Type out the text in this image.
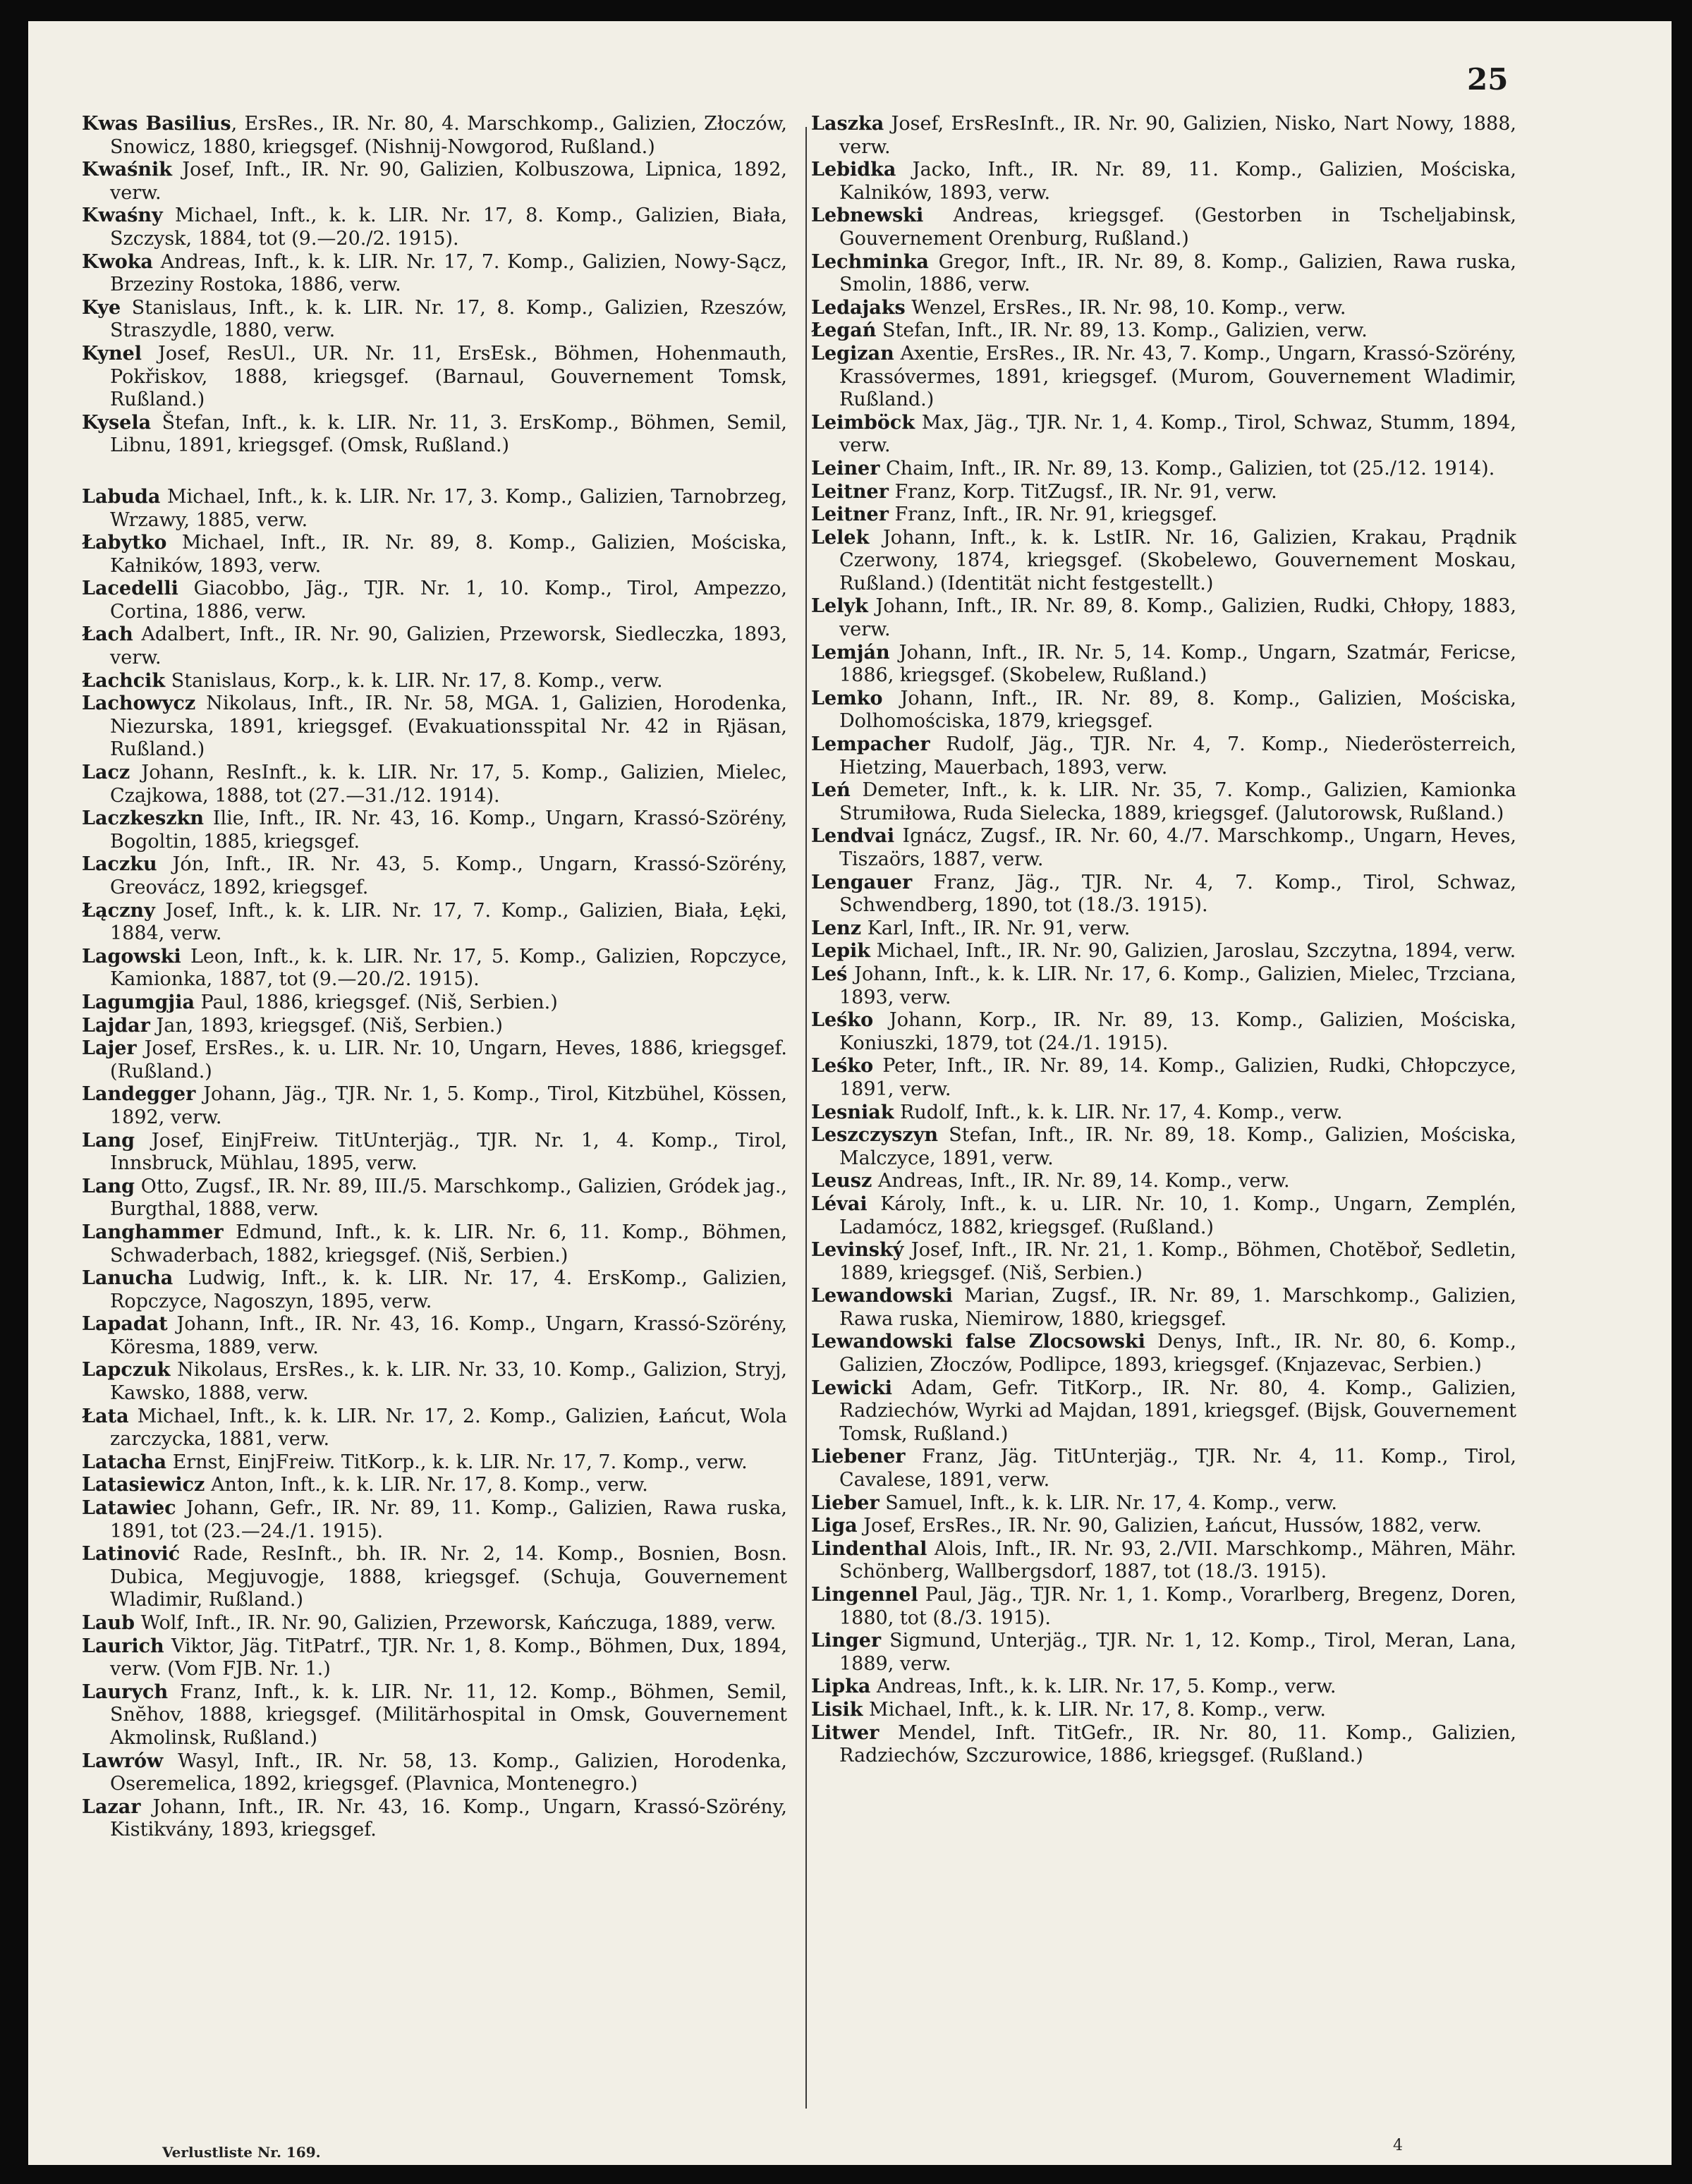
25

Kwas Basilius, ErsRes., IR. Nr. 80, 4. Marschkomp., Galizien, Złoczów, Snowicz, 1880, kriegsgef. (Nishnij-Nowgorod, Rußland.)

Kwaśnik Josef, Inft., IR. Nr. 90, Galizien, Kolbuszowa, Lipnica, 1892, verw.

Kwaśny Michael, Inft., k. k. LIR. Nr. 17, 8. Komp., Galizien, Biała, Szczysk, 1884, tot (9.—20./2. 1915).

Kwoka Andreas, Inft., k. k. LIR. Nr. 17, 7. Komp., Galizien, Nowy-Sącz, Brzeziny Rostoka, 1886, verw.

Kye Stanislaus, Inft., k. k. LIR. Nr. 17, 8. Komp., Galizien, Rzeszów, Straszydle, 1880, verw.

Kynel Josef, ResUl., UR. Nr. 11, ErsEsk., Böhmen, Hohenmauth, Pokřiskov, 1888, kriegsgef. (Barnaul, Gouvernement Tomsk, Rußland.)

Kysela Štefan, Inft., k. k. LIR. Nr. 11, 3. ErsKomp., Böhmen, Semil, Libnu, 1891, kriegsgef. (Omsk, Rußland.)

Labuda Michael, Inft., k. k. LIR. Nr. 17, 3. Komp., Galizien, Tarnobrzeg, Wrzawy, 1885, verw.

Łabytko Michael, Inft., IR. Nr. 89, 8. Komp., Galizien, Mościska, Kałników, 1893, verw.

Lacedelli Giacobbo, Jäg., TJR. Nr. 1, 10. Komp., Tirol, Ampezzo, Cortina, 1886, verw.

Łach Adalbert, Inft., IR. Nr. 90, Galizien, Przeworsk, Siedleczka, 1893, verw.

Łachcik Stanislaus, Korp., k. k. LIR. Nr. 17, 8. Komp., verw.

Lachowycz Nikolaus, Inft., IR. Nr. 58, MGA. 1, Galizien, Horodenka, Niezurska, 1891, kriegsgef. (Evakuationsspital Nr. 42 in Rjäsan, Rußland.)

Lacz Johann, ResInft., k. k. LIR. Nr. 17, 5. Komp., Galizien, Mielec, Czajkowa, 1888, tot (27.—31./12. 1914).

Laczkeszkn Ilie, Inft., IR. Nr. 43, 16. Komp., Ungarn, Krassó-Szörény, Bogoltin, 1885, kriegsgef.

Laczku Jón, Inft., IR. Nr. 43, 5. Komp., Ungarn, Krassó-Szörény, Greovácz, 1892, kriegsgef.

Łączny Josef, Inft., k. k. LIR. Nr. 17, 7. Komp., Galizien, Biała, Łęki, 1884, verw.

Lagowski Leon, Inft., k. k. LIR. Nr. 17, 5. Komp., Galizien, Ropczyce, Kamionka, 1887, tot (9.—20./2. 1915).

Lagumgjia Paul, 1886, kriegsgef. (Niš, Serbien.)

Lajdar Jan, 1893, kriegsgef. (Niš, Serbien.)

Lajer Josef, ErsRes., k. u. LIR. Nr. 10, Ungarn, Heves, 1886, kriegsgef. (Rußland.)

Landegger Johann, Jäg., TJR. Nr. 1, 5. Komp., Tirol, Kitzbühel, Kössen, 1892, verw.

Lang Josef, EinjFreiw. TitUnterjäg., TJR. Nr. 1, 4. Komp., Tirol, Innsbruck, Mühlau, 1895, verw.

Lang Otto, Zugsf., IR. Nr. 89, III./5. Marschkomp., Galizien, Gródek jag., Burgthal, 1888, verw.

Langhammer Edmund, Inft., k. k. LIR. Nr. 6, 11. Komp., Böhmen, Schwaderbach, 1882, kriegsgef. (Niš, Serbien.)

Lanucha Ludwig, Inft., k. k. LIR. Nr. 17, 4. ErsKomp., Galizien, Ropczyce, Nagoszyn, 1895, verw.

Lapadat Johann, Inft., IR. Nr. 43, 16. Komp., Ungarn, Krassó-Szörény, Köresma, 1889, verw.

Lapczuk Nikolaus, ErsRes., k. k. LIR. Nr. 33, 10. Komp., Galizion, Stryj, Kawsko, 1888, verw.

Łata Michael, Inft., k. k. LIR. Nr. 17, 2. Komp., Galizien, Łańcut, Wola zarczycka, 1881, verw.

Latacha Ernst, EinjFreiw. TitKorp., k. k. LIR. Nr. 17, 7. Komp., verw.

Latasiewicz Anton, Inft., k. k. LIR. Nr. 17, 8. Komp., verw.

Latawiec Johann, Gefr., IR. Nr. 89, 11. Komp., Galizien, Rawa ruska, 1891, tot (23.—24./1. 1915).

Latinović Rade, ResInft., bh. IR. Nr. 2, 14. Komp., Bosnien, Bosn. Dubica, Megjuvogje, 1888, kriegsgef. (Schuja, Gouvernement Wladimir, Rußland.)

Laub Wolf, Inft., IR. Nr. 90, Galizien, Przeworsk, Kańczuga, 1889, verw.

Laurich Viktor, Jäg. TitPatrf., TJR. Nr. 1, 8. Komp., Böhmen, Dux, 1894, verw. (Vom FJB. Nr. 1.)

Laurych Franz, Inft., k. k. LIR. Nr. 11, 12. Komp., Böhmen, Semil, Snĕhov, 1888, kriegsgef. (Militärhospital in Omsk, Gouvernement Akmolinsk, Rußland.)

Lawrów Wasyl, Inft., IR. Nr. 58, 13. Komp., Galizien, Horodenka, Oseremelica, 1892, kriegsgef. (Plavnica, Montenegro.)

Lazar Johann, Inft., IR. Nr. 43, 16. Komp., Ungarn, Krassó-Szörény, Kistikvány, 1893, kriegsgef.

Laszka Josef, ErsResInft., IR. Nr. 90, Galizien, Nisko, Nart Nowy, 1888, verw.

Lebidka Jacko, Inft., IR. Nr. 89, 11. Komp., Galizien, Mościska, Kalników, 1893, verw.

Lebnewski Andreas, kriegsgef. (Gestorben in Tscheljabinsk, Gouvernement Orenburg, Rußland.)

Lechminka Gregor, Inft., IR. Nr. 89, 8. Komp., Galizien, Rawa ruska, Smolin, 1886, verw.

Ledajaks Wenzel, ErsRes., IR. Nr. 98, 10. Komp., verw.

Łegań Stefan, Inft., IR. Nr. 89, 13. Komp., Galizien, verw.

Legizan Axentie, ErsRes., IR. Nr. 43, 7. Komp., Ungarn, Krassó-Szörény, Krassóvermes, 1891, kriegsgef. (Murom, Gouvernement Wladimir, Rußland.)

Leimböck Max, Jäg., TJR. Nr. 1, 4. Komp., Tirol, Schwaz, Stumm, 1894, verw.

Leiner Chaim, Inft., IR. Nr. 89, 13. Komp., Galizien, tot (25./12. 1914).

Leitner Franz, Korp. TitZugsf., IR. Nr. 91, verw.

Leitner Franz, Inft., IR. Nr. 91, kriegsgef.

Lelek Johann, Inft., k. k. LstIR. Nr. 16, Galizien, Krakau, Prądnik Czerwony, 1874, kriegsgef. (Skobelewo, Gouvernement Moskau, Rußland.) (Identität nicht festgestellt.)

Lelyk Johann, Inft., IR. Nr. 89, 8. Komp., Galizien, Rudki, Chłopy, 1883, verw.

Lemján Johann, Inft., IR. Nr. 5, 14. Komp., Ungarn, Szatmár, Fericse, 1886, kriegsgef. (Skobelew, Rußland.)

Lemko Johann, Inft., IR. Nr. 89, 8. Komp., Galizien, Mościska, Dolhomościska, 1879, kriegsgef.

Lempacher Rudolf, Jäg., TJR. Nr. 4, 7. Komp., Niederösterreich, Hietzing, Mauerbach, 1893, verw.

Leń Demeter, Inft., k. k. LIR. Nr. 35, 7. Komp., Galizien, Kamionka Strumiłowa, Ruda Sielecka, 1889, kriegsgef. (Jalutorowsk, Rußland.)

Lendvai Ignácz, Zugsf., IR. Nr. 60, 4./7. Marschkomp., Ungarn, Heves, Tiszaörs, 1887, verw.

Lengauer Franz, Jäg., TJR. Nr. 4, 7. Komp., Tirol, Schwaz, Schwendberg, 1890, tot (18./3. 1915).

Lenz Karl, Inft., IR. Nr. 91, verw.

Lepik Michael, Inft., IR. Nr. 90, Galizien, Jaroslau, Szczytna, 1894, verw.

Leś Johann, Inft., k. k. LIR. Nr. 17, 6. Komp., Galizien, Mielec, Trzciana, 1893, verw.

Leśko Johann, Korp., IR. Nr. 89, 13. Komp., Galizien, Mościska, Koniuszki, 1879, tot (24./1. 1915).

Leśko Peter, Inft., IR. Nr. 89, 14. Komp., Galizien, Rudki, Chłopczyce, 1891, verw.

Lesniak Rudolf, Inft., k. k. LIR. Nr. 17, 4. Komp., verw.

Leszczyszyn Stefan, Inft., IR. Nr. 89, 18. Komp., Galizien, Mościska, Malczyce, 1891, verw.

Leusz Andreas, Inft., IR. Nr. 89, 14. Komp., verw.

Lévai Károly, Inft., k. u. LIR. Nr. 10, 1. Komp., Ungarn, Zemplén, Ladamócz, 1882, kriegsgef. (Rußland.)

Levinský Josef, Inft., IR. Nr. 21, 1. Komp., Böhmen, Chotĕboř, Sedletin, 1889, kriegsgef. (Niš, Serbien.)

Lewandowski Marian, Zugsf., IR. Nr. 89, 1. Marschkomp., Galizien, Rawa ruska, Niemirow, 1880, kriegsgef.

Lewandowski false Zlocsowski Denys, Inft., IR. Nr. 80, 6. Komp., Galizien, Złoczów, Podlipce, 1893, kriegsgef. (Knjazevac, Serbien.)

Lewicki Adam, Gefr. TitKorp., IR. Nr. 80, 4. Komp., Galizien, Radziechów, Wyrki ad Majdan, 1891, kriegsgef. (Bijsk, Gouvernement Tomsk, Rußland.)

Liebener Franz, Jäg. TitUnterjäg., TJR. Nr. 4, 11. Komp., Tirol, Cavalese, 1891, verw.

Lieber Samuel, Inft., k. k. LIR. Nr. 17, 4. Komp., verw.

Liga Josef, ErsRes., IR. Nr. 90, Galizien, Łańcut, Hussów, 1882, verw.

Lindenthal Alois, Inft., IR. Nr. 93, 2./VII. Marschkomp., Mähren, Mähr. Schönberg, Wallbergsdorf, 1887, tot (18./3. 1915).

Lingennel Paul, Jäg., TJR. Nr. 1, 1. Komp., Vorarlberg, Bregenz, Doren, 1880, tot (8./3. 1915).

Linger Sigmund, Unterjäg., TJR. Nr. 1, 12. Komp., Tirol, Meran, Lana, 1889, verw.

Lipka Andreas, Inft., k. k. LIR. Nr. 17, 5. Komp., verw.

Lisik Michael, Inft., k. k. LIR. Nr. 17, 8. Komp., verw.

Litwer Mendel, Inft. TitGefr., IR. Nr. 80, 11. Komp., Galizien, Radziechów, Szczurowice, 1886, kriegsgef. (Rußland.)

Verlustliste Nr. 169.	4
